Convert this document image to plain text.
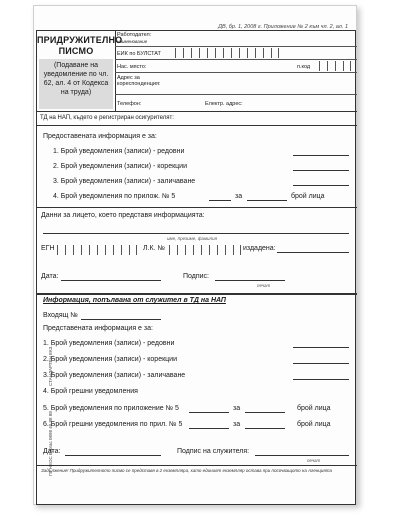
ДВ, бр. 1, 2008 г. Приложение № 2 към чл. 2, ал. 1
СТАНДАРТЕН ЕКЗ.
ГЕ НЕОС Бургас 0898 40 88 88
ПРИДРУЖИТЕЛНО ПИСМО
(Подаване на уведомление по чл. 62, ал. 4 от Кодекса на труда)
Работодател:
наименование
ЕИК по БУЛСТАТ
Нас. място:	п.код
Адрес за кореспонденция:
Телефон:	Електр. адрес:
ТД на НАП, където е регистриран осигурителят:
Предоставената информация е за:
1. Брой уведомления (записи) - редовни
2. Брой уведомления (записи) - корекции
3. Брой уведомления (записи) - заличаване
4. Брой уведомления по прилож. № 5	за	брой лица
Данни за лицето, което представя информацията:
име, презиме, фамилия
ЕГН	Л.К. №	издадена:
Дата:	Подпис:
печат
Информация, попълвана от служител в ТД на НАП
Входящ №
Представената информация е за:
1. Брой уведомления (записи) - редовни
2. Брой уведомления (записи) - корекции
3. Брой уведомления (записи) - заличаване
4. Брой грешни уведомления
5. Брой уведомления по приложение № 5	за	брой лица
6. Брой грешни уведомления по прил. № 5	за	брой лица
Дата:	Подпис на служителя:
печат
Задължение! Придружителното писмо се представя в 2 екземпляра, като единият екземпляр остава при посочващото на Агенцията
